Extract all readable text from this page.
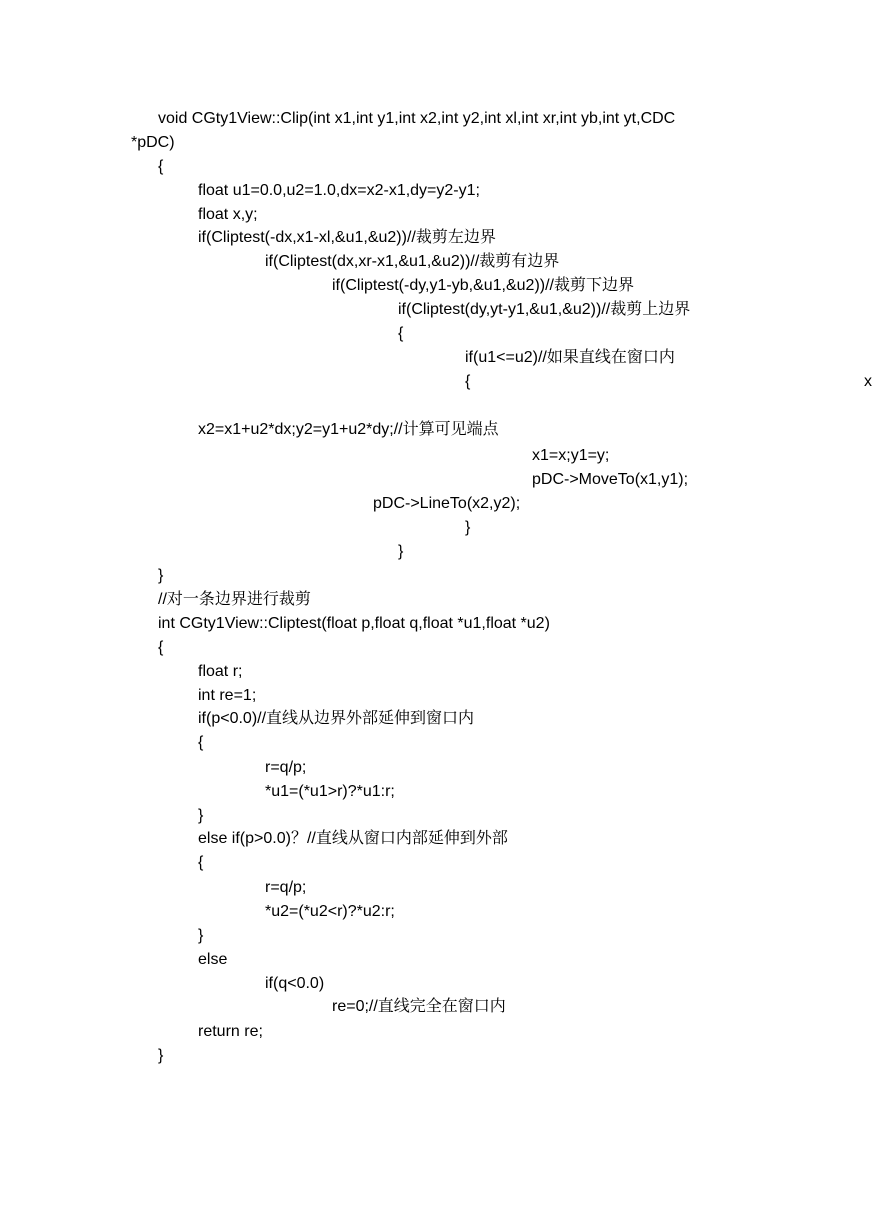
void CGty1View::Clip(int x1,int y1,int x2,int y2,int xl,int xr,int yb,int yt,CDC
*pDC)
{
float u1=0.0,u2=1.0,dx=x2-x1,dy=y2-y1;
float x,y;
if(Cliptest(-dx,x1-xl,&u1,&u2))//裁剪左边界
if(Cliptest(dx,xr-x1,&u1,&u2))//裁剪有边界
if(Cliptest(-dy,y1-yb,&u1,&u2))//裁剪下边界
if(Cliptest(dy,yt-y1,&u1,&u2))//裁剪上边界
{
if(u1<=u2)//如果直线在窗口内
{	x
x2=x1+u2*dx;y2=y1+u2*dy;//计算可见端点
x1=x;y1=y;
pDC->MoveTo(x1,y1);
pDC->LineTo(x2,y2);
}
}
}
//对一条边界进行裁剪
int CGty1View::Cliptest(float p,float q,float *u1,float *u2)
{
float r;
int re=1;
if(p<0.0)//直线从边界外部延伸到窗口内
{
r=q/p;
*u1=(*u1>r)?*u1:r;
}
else if(p>0.0)？//直线从窗口内部延伸到外部
{
r=q/p;
*u2=(*u2<r)?*u2:r;
}
else
if(q<0.0)
re=0;//直线完全在窗口内
return re;
}
